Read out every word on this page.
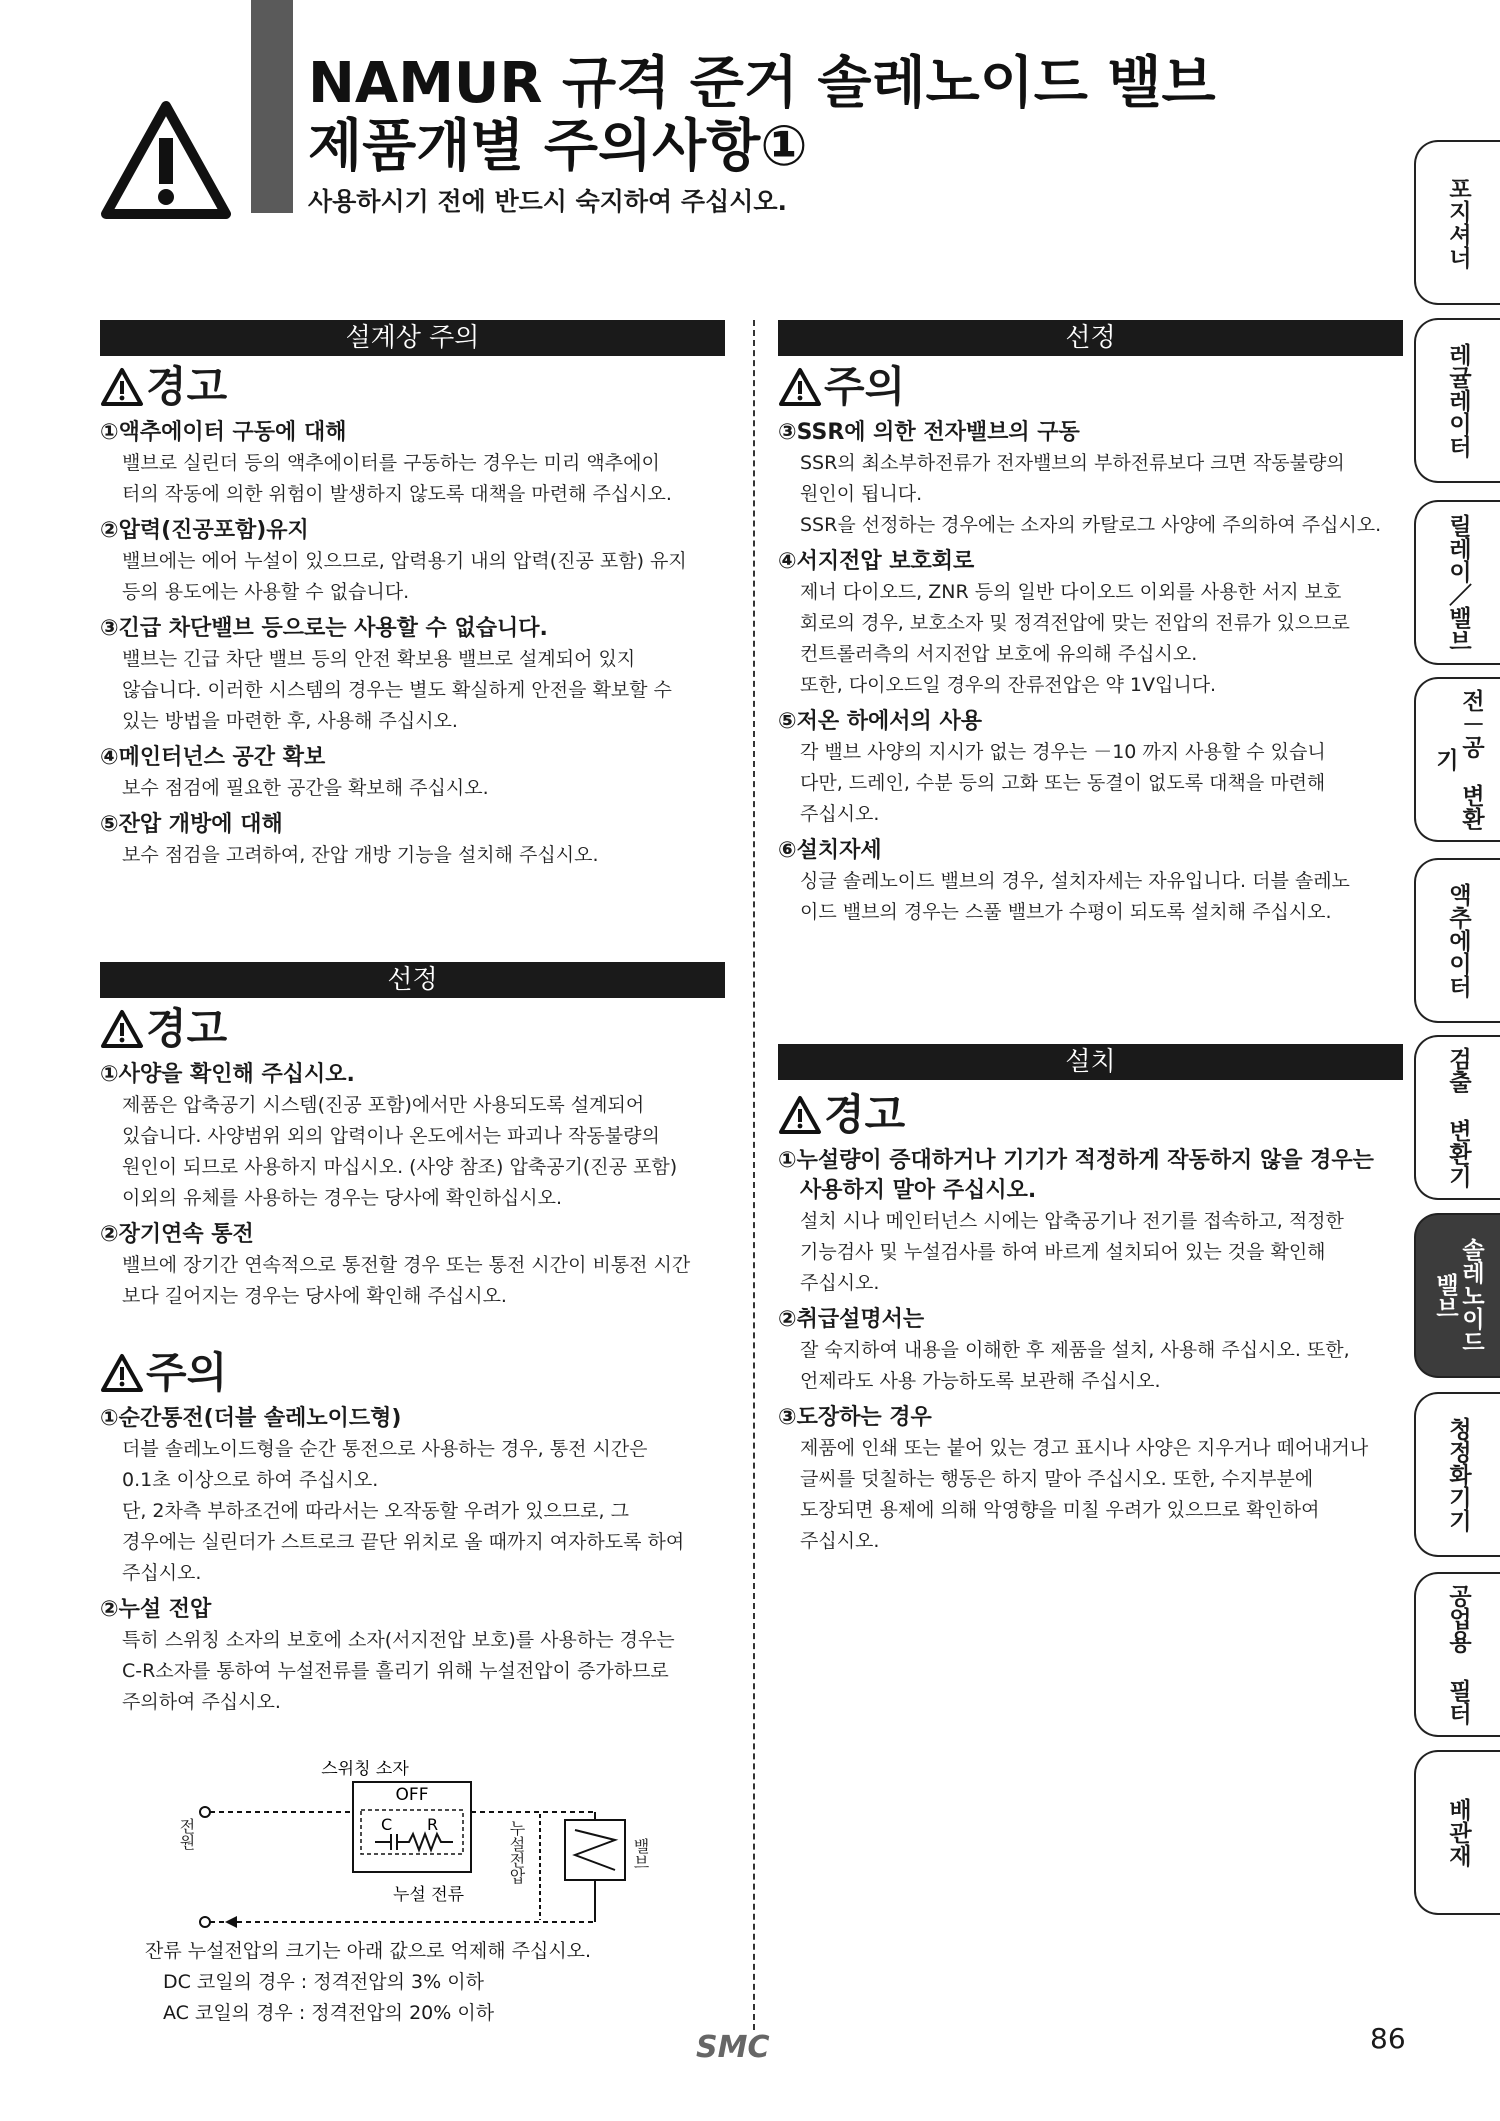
NAMUR 규격 준거 솔레노이드 밸브
제품개별 주의사항①
사용하시기 전에 반드시 숙지하여 주십시오.
설계상 주의
경고
①액추에이터 구동에 대해

밸브로 실린더 등의 액추에이터를 구동하는 경우는 미리 액추에이

터의 작동에 의한 위험이 발생하지 않도록 대책을 마련해 주십시오.

②압력(진공포함)유지

밸브에는 에어 누설이 있으므로, 압력용기 내의 압력(진공 포함) 유지

등의 용도에는 사용할 수 없습니다.

③긴급 차단밸브 등으로는 사용할 수 없습니다.

밸브는 긴급 차단 밸브 등의 안전 확보용 밸브로 설계되어 있지

않습니다. 이러한 시스템의 경우는 별도 확실하게 안전을 확보할 수

있는 방법을 마련한 후, 사용해 주십시오.

④메인터넌스 공간 확보

보수 점검에 필요한 공간을 확보해 주십시오.

⑤잔압 개방에 대해

보수 점검을 고려하여, 잔압 개방 기능을 설치해 주십시오.

선정
경고
①사양을 확인해 주십시오.

제품은 압축공기 시스템(진공 포함)에서만 사용되도록 설계되어

있습니다. 사양범위 외의 압력이나 온도에서는 파괴나 작동불량의

원인이 되므로 사용하지 마십시오. (사양 참조) 압축공기(진공 포함)

이외의 유체를 사용하는 경우는 당사에 확인하십시오.

②장기연속 통전

밸브에 장기간 연속적으로 통전할 경우 또는 통전 시간이 비통전 시간

보다 길어지는 경우는 당사에 확인해 주십시오.

주의
①순간통전(더블 솔레노이드형)

더블 솔레노이드형을 순간 통전으로 사용하는 경우, 통전 시간은

0.1초 이상으로 하여 주십시오.

단, 2차측 부하조건에 따라서는 오작동할 우려가 있으므로, 그

경우에는 실린더가 스트로크 끝단 위치로 올 때까지 여자하도록 하여

주십시오.

②누설 전압

특히 스위칭 소자의 보호에 소자(서지전압 보호)를 사용하는 경우는

C-R소자를 통하여 누설전류를 흘리기 위해 누설전압이 증가하므로

주의하여 주십시오.

스위칭 소자
OFF
C R
누설 전류
전원	누설전압	밸브

잔류 누설전압의 크기는 아래 값으로 억제해 주십시오.

DC 코일의 경우 : 정격전압의 3% 이하

AC 코일의 경우 : 정격전압의 20% 이하

선정
주의
③SSR에 의한 전자밸브의 구동

SSR의 최소부하전류가 전자밸브의 부하전류보다 크면 작동불량의

원인이 됩니다.

SSR을 선정하는 경우에는 소자의 카탈로그 사양에 주의하여 주십시오.

④서지전압 보호회로

제너 다이오드, ZNR 등의 일반 다이오드 이외를 사용한 서지 보호

회로의 경우, 보호소자 및 정격전압에 맞는 전압의 전류가 있으므로

컨트롤러측의 서지전압 보호에 유의해 주십시오.

또한, 다이오드일 경우의 잔류전압은 약 1V입니다.

⑤저온 하에서의 사용

각 밸브 사양의 지시가 없는 경우는 －10 까지 사용할 수 있습니

다만, 드레인, 수분 등의 고화 또는 동결이 없도록 대책을 마련해

주십시오.

⑥설치자세

싱글 솔레노이드 밸브의 경우, 설치자세는 자유입니다. 더블 솔레노

이드 밸브의 경우는 스풀 밸브가 수평이 되도록 설치해 주십시오.

설치
경고
①누설량이 증대하거나 기기가 적정하게 작동하지 않을 경우는
사용하지 말아 주십시오.

설치 시나 메인터넌스 시에는 압축공기나 전기를 접속하고, 적정한

기능검사 및 누설검사를 하여 바르게 설치되어 있는 것을 확인해

주십시오.

②취급설명서는

잘 숙지하여 내용을 이해한 후 제품을 설치, 사용해 주십시오. 또한,

언제라도 사용 가능하도록 보관해 주십시오.

③도장하는 경우

제품에 인쇄 또는 붙어 있는 경고 표시나 사양은 지우거나 떼어내거나

글씨를 덧칠하는 행동은 하지 말아 주십시오. 또한, 수지부분에

도장되면 용제에 의해 악영향을 미칠 우려가 있으므로 확인하여

주십시오.

포지셔너
레귤레이터
릴레이／밸브
전－공 변환기
액추에이터
검출 변환기
솔레노이드 밸브
청정화기기
공업용 필터
배관재
SMC	86
